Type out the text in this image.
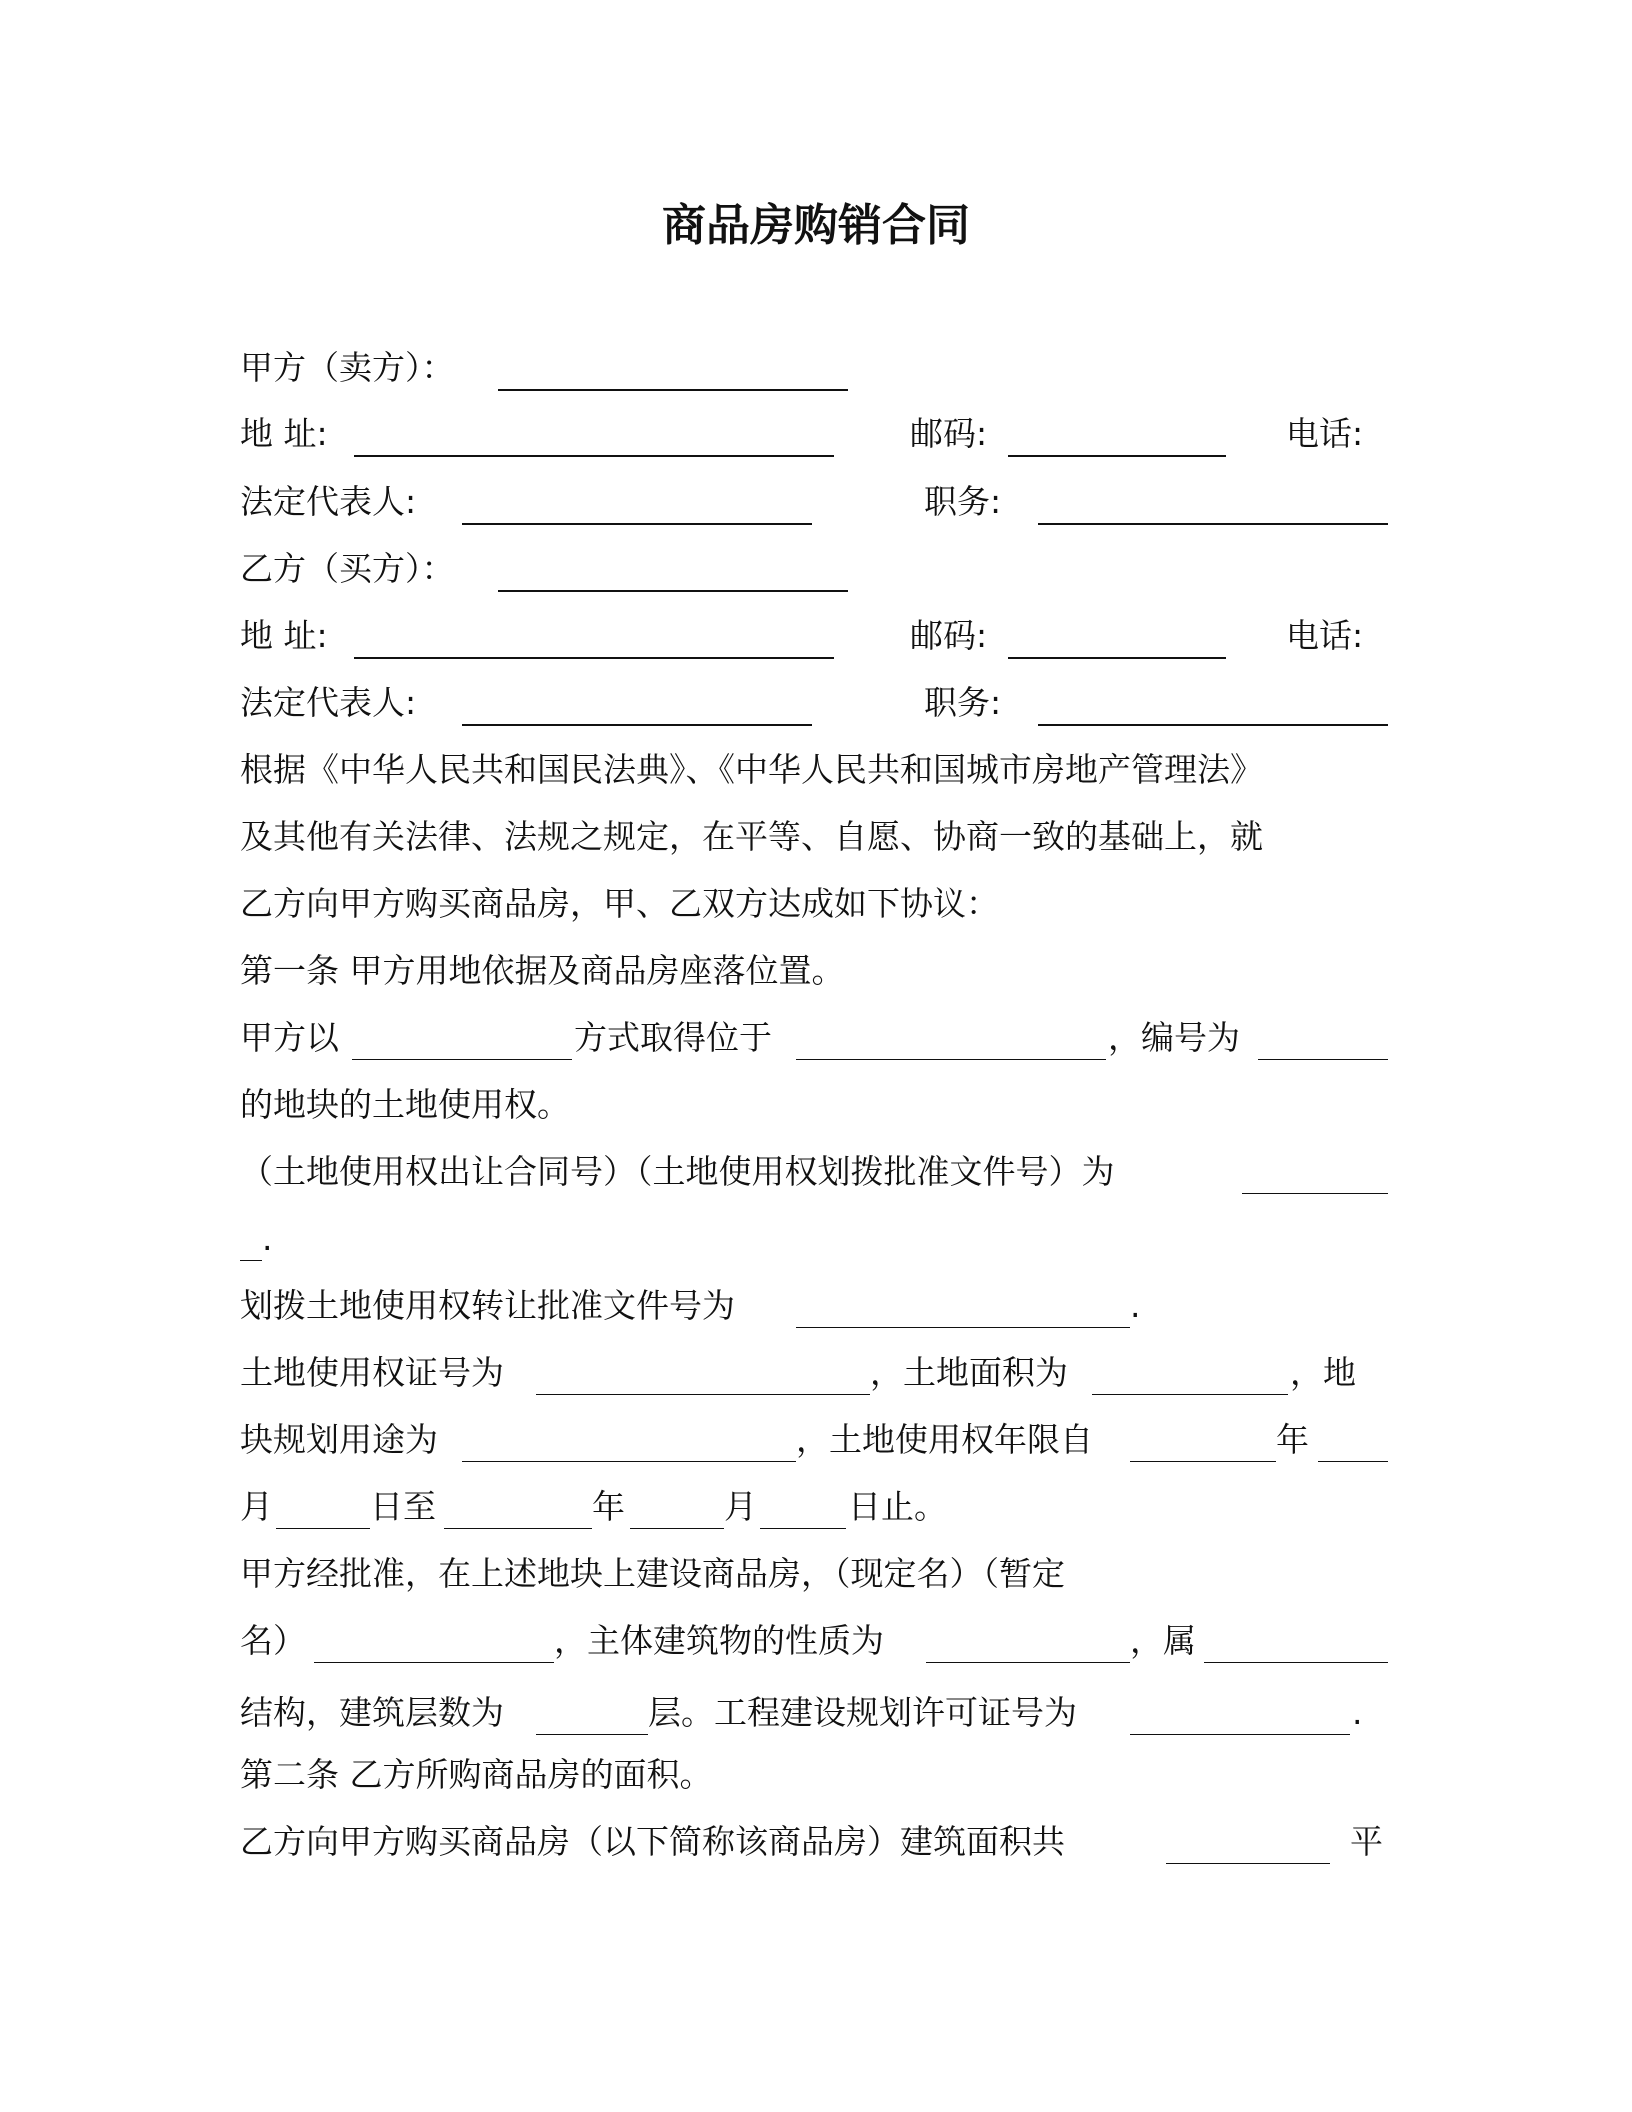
商品房购销合同
甲方（卖方）：
地 址:	邮码:	电话:
法定代表人:	职务:
乙方（买方）：
地 址:	邮码:	电话:
法定代表人:	职务:
根据《中华人民共和国民法典》、《中华人民共和国城市房地产管理法》
及其他有关法律、法规之规定，在平等、自愿、协商一致的基础上，就
乙方向甲方购买商品房，甲、乙双方达成如下协议：
第一条 甲方用地依据及商品房座落位置。
甲方以	方式取得位于	，编号为
的地块的土地使用权。
（土地使用权出让合同号）（土地使用权划拨批准文件号）为
.
划拨土地使用权转让批准文件号为	.
土地使用权证号为	，土地面积为	，地
块规划用途为	，土地使用权年限自	年
月	日至	年	月	日止。
甲方经批准，在上述地块上建设商品房，（现定名）（暂定
名）	，主体建筑物的性质为	，属
结构，建筑层数为	层。工程建设规划许可证号为	.
第二条 乙方所购商品房的面积。
乙方向甲方购买商品房（以下简称该商品房）建筑面积共	平
